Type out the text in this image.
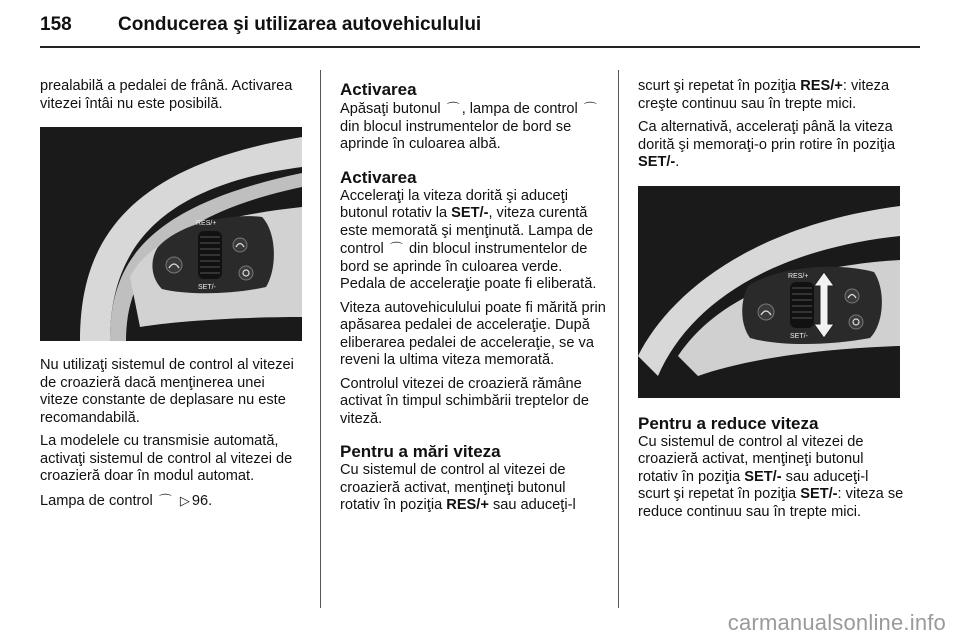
158 Conducerea şi utilizarea autovehiculului

prealabilă a pedalei de frână. Activarea vitezei întâi nu este posibilă.

RES/+
SET/-

Nu utilizaţi sistemul de control al vitezei de croazieră dacă menţinerea unei viteze constante de deplasare nu este recomandabilă.

La modelele cu transmisie automată, activaţi sistemul de control al vitezei de croazieră doar în modul automat.

Lampa de control ⌒ ▷ 96.

Activarea

Apăsaţi butonul ⌒ , lampa de control ⌒ din blocul instrumentelor de bord se aprinde în culoarea albă.

Activarea

Acceleraţi la viteza dorită şi aduceţi butonul rotativ la SET/-, viteza curentă este memorată şi menţinută. Lampa de control ⌒ din blocul instrumentelor de bord se aprinde în culoarea verde. Pedala de acceleraţie poate fi eliberată.

Viteza autovehiculului poate fi mărită prin apăsarea pedalei de acceleraţie. După eliberarea pedalei de acceleraţie, se va reveni la ultima viteza memorată.

Controlul vitezei de croazieră rămâne activat în timpul schimbării treptelor de viteză.

Pentru a mări viteza

Cu sistemul de control al vitezei de croazieră activat, menţineţi butonul rotativ în poziţia RES/+ sau aduceţi-l

scurt şi repetat în poziţia RES/+: viteza creşte continuu sau în trepte mici.

Ca alternativă, acceleraţi până la viteza dorită şi memoraţi-o prin rotire în poziţia SET/-.

RES/+
SET/-
Pentru a reduce viteza

Cu sistemul de control al vitezei de croazieră activat, menţineţi butonul rotativ în poziţia SET/- sau aduceţi-l scurt şi repetat în poziţia SET/-: viteza se reduce continuu sau în trepte mici.

carmanualsonline.info
